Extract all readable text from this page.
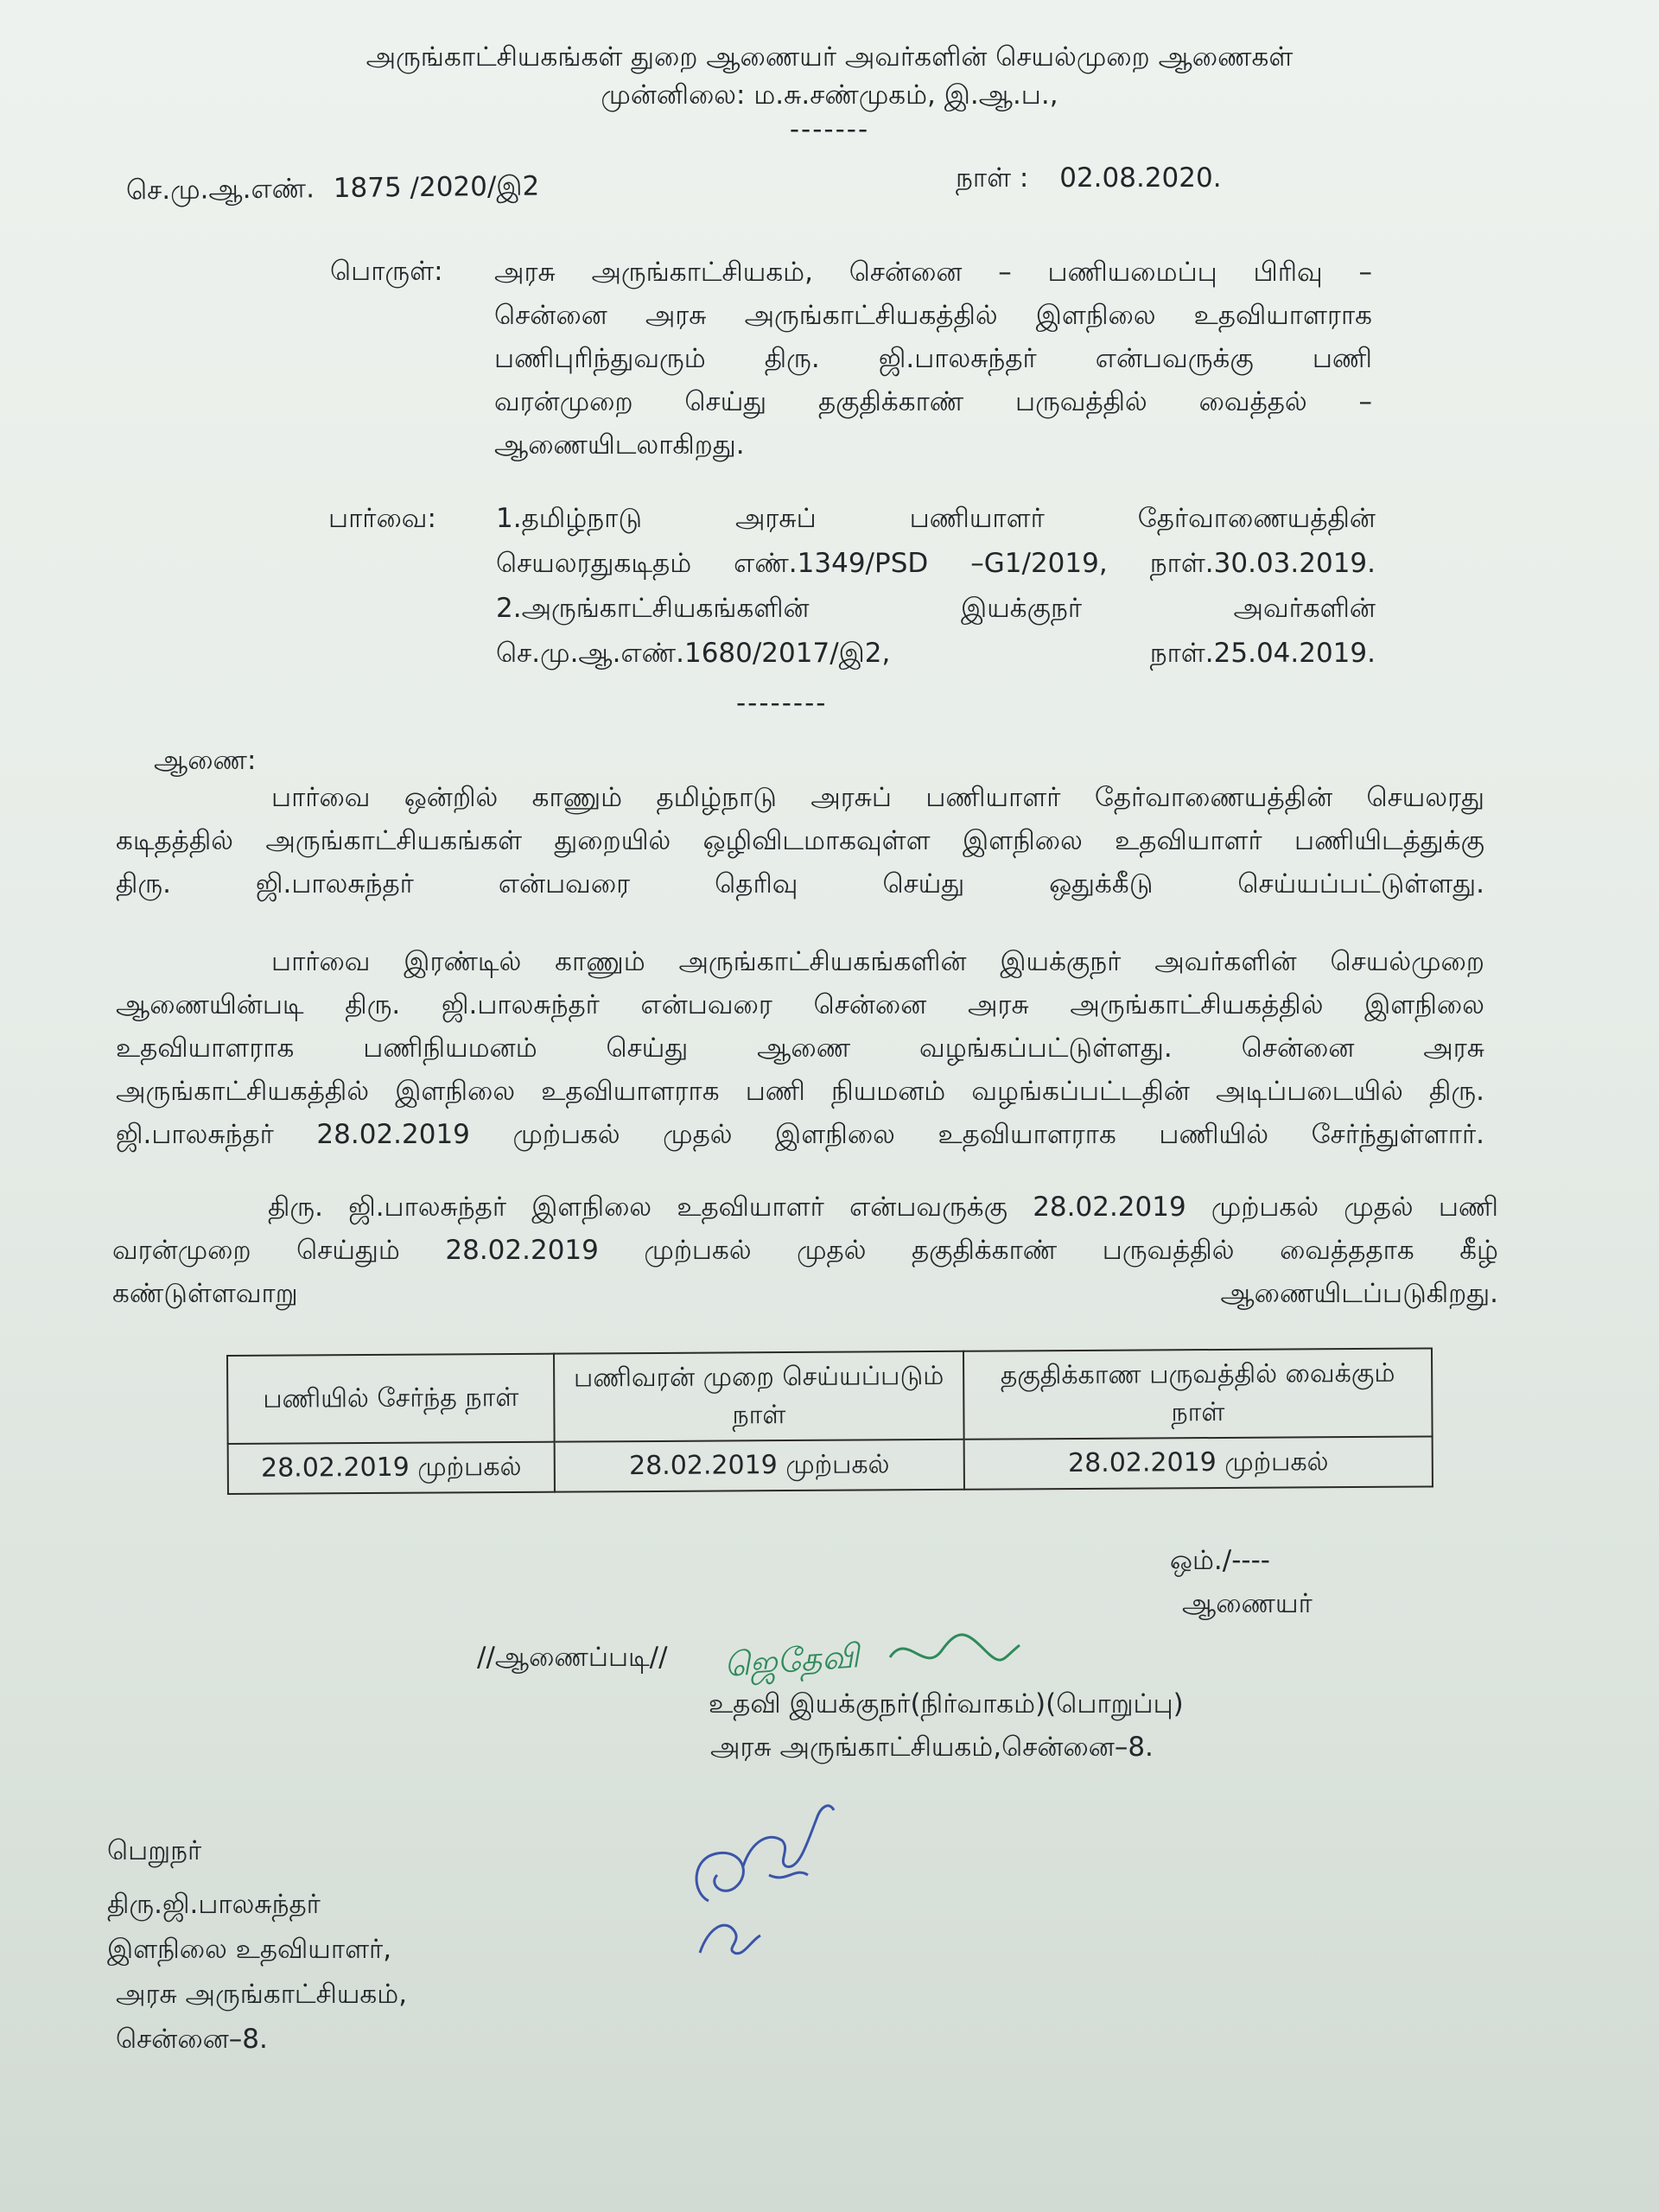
அருங்காட்சியகங்கள் துறை ஆணையர் அவர்களின் செயல்முறை ஆணைகள்
முன்னிலை: ம.சு.சண்முகம், இ.ஆ.ப.,
-------
செ.மு.ஆ.எண். 1875 /2020/இ2	நாள் : 02.08.2020.
பொருள்: அரசு அருங்காட்சியகம், சென்னை – பணியமைப்பு பிரிவு –
சென்னை அரசு அருங்காட்சியகத்தில் இளநிலை உதவியாளராக
பணிபுரிந்துவரும் திரு. ஜி.பாலசுந்தர் என்பவருக்கு பணி
வரன்முறை செய்து தகுதிக்காண் பருவத்தில் வைத்தல் –
ஆணையிடலாகிறது.
பார்வை: 1.தமிழ்நாடு அரசுப் பணியாளர் தேர்வாணையத்தின்
செயலரதுகடிதம் எண்.1349/PSD –G1/2019, நாள்.30.03.2019.
2.அருங்காட்சியகங்களின் இயக்குநர் அவர்களின்
செ.மு.ஆ.எண்.1680/2017/இ2, நாள்.25.04.2019.
--------
ஆணை:
பார்வை ஒன்றில் காணும் தமிழ்நாடு அரசுப் பணியாளர் தேர்வாணையத்தின் செயலரது
கடிதத்தில் அருங்காட்சியகங்கள் துறையில் ஒழிவிடமாகவுள்ள இளநிலை உதவியாளர் பணியிடத்துக்கு
திரு. ஜி.பாலசுந்தர் என்பவரை தெரிவு செய்து ஒதுக்கீடு செய்யப்பட்டுள்ளது.
பார்வை இரண்டில் காணும் அருங்காட்சியகங்களின் இயக்குநர் அவர்களின் செயல்முறை
ஆணையின்படி திரு. ஜி.பாலசுந்தர் என்பவரை சென்னை அரசு அருங்காட்சியகத்தில் இளநிலை
உதவியாளராக பணிநியமனம் செய்து ஆணை வழங்கப்பட்டுள்ளது. சென்னை அரசு
அருங்காட்சியகத்தில் இளநிலை உதவியாளராக பணி நியமனம் வழங்கப்பட்டதின் அடிப்படையில் திரு.
ஜி.பாலசுந்தர் 28.02.2019 முற்பகல் முதல் இளநிலை உதவியாளராக பணியில் சேர்ந்துள்ளார்.
திரு. ஜி.பாலசுந்தர் இளநிலை உதவியாளர் என்பவருக்கு 28.02.2019 முற்பகல் முதல் பணி
வரன்முறை செய்தும் 28.02.2019 முற்பகல் முதல் தகுதிக்காண் பருவத்தில் வைத்ததாக கீழ்
கண்டுள்ளவாறு ஆணையிடப்படுகிறது.
பணியில் சேர்ந்த நாள்	பணிவரன் முறை செய்யப்படும் நாள்	தகுதிக்காண பருவத்தில் வைக்கும் நாள்
28.02.2019 முற்பகல்	28.02.2019 முற்பகல்	28.02.2019 முற்பகல்
ஒம்./----
ஆணையர்
//ஆணைப்படி// ஜெதேவி
உதவி இயக்குநர்(நிர்வாகம்)(பொறுப்பு)
அரசு அருங்காட்சியகம்,சென்னை–8.
பெறுநர்
திரு.ஜி.பாலசுந்தர்
இளநிலை உதவியாளர்,
அரசு அருங்காட்சியகம்,
சென்னை–8.
